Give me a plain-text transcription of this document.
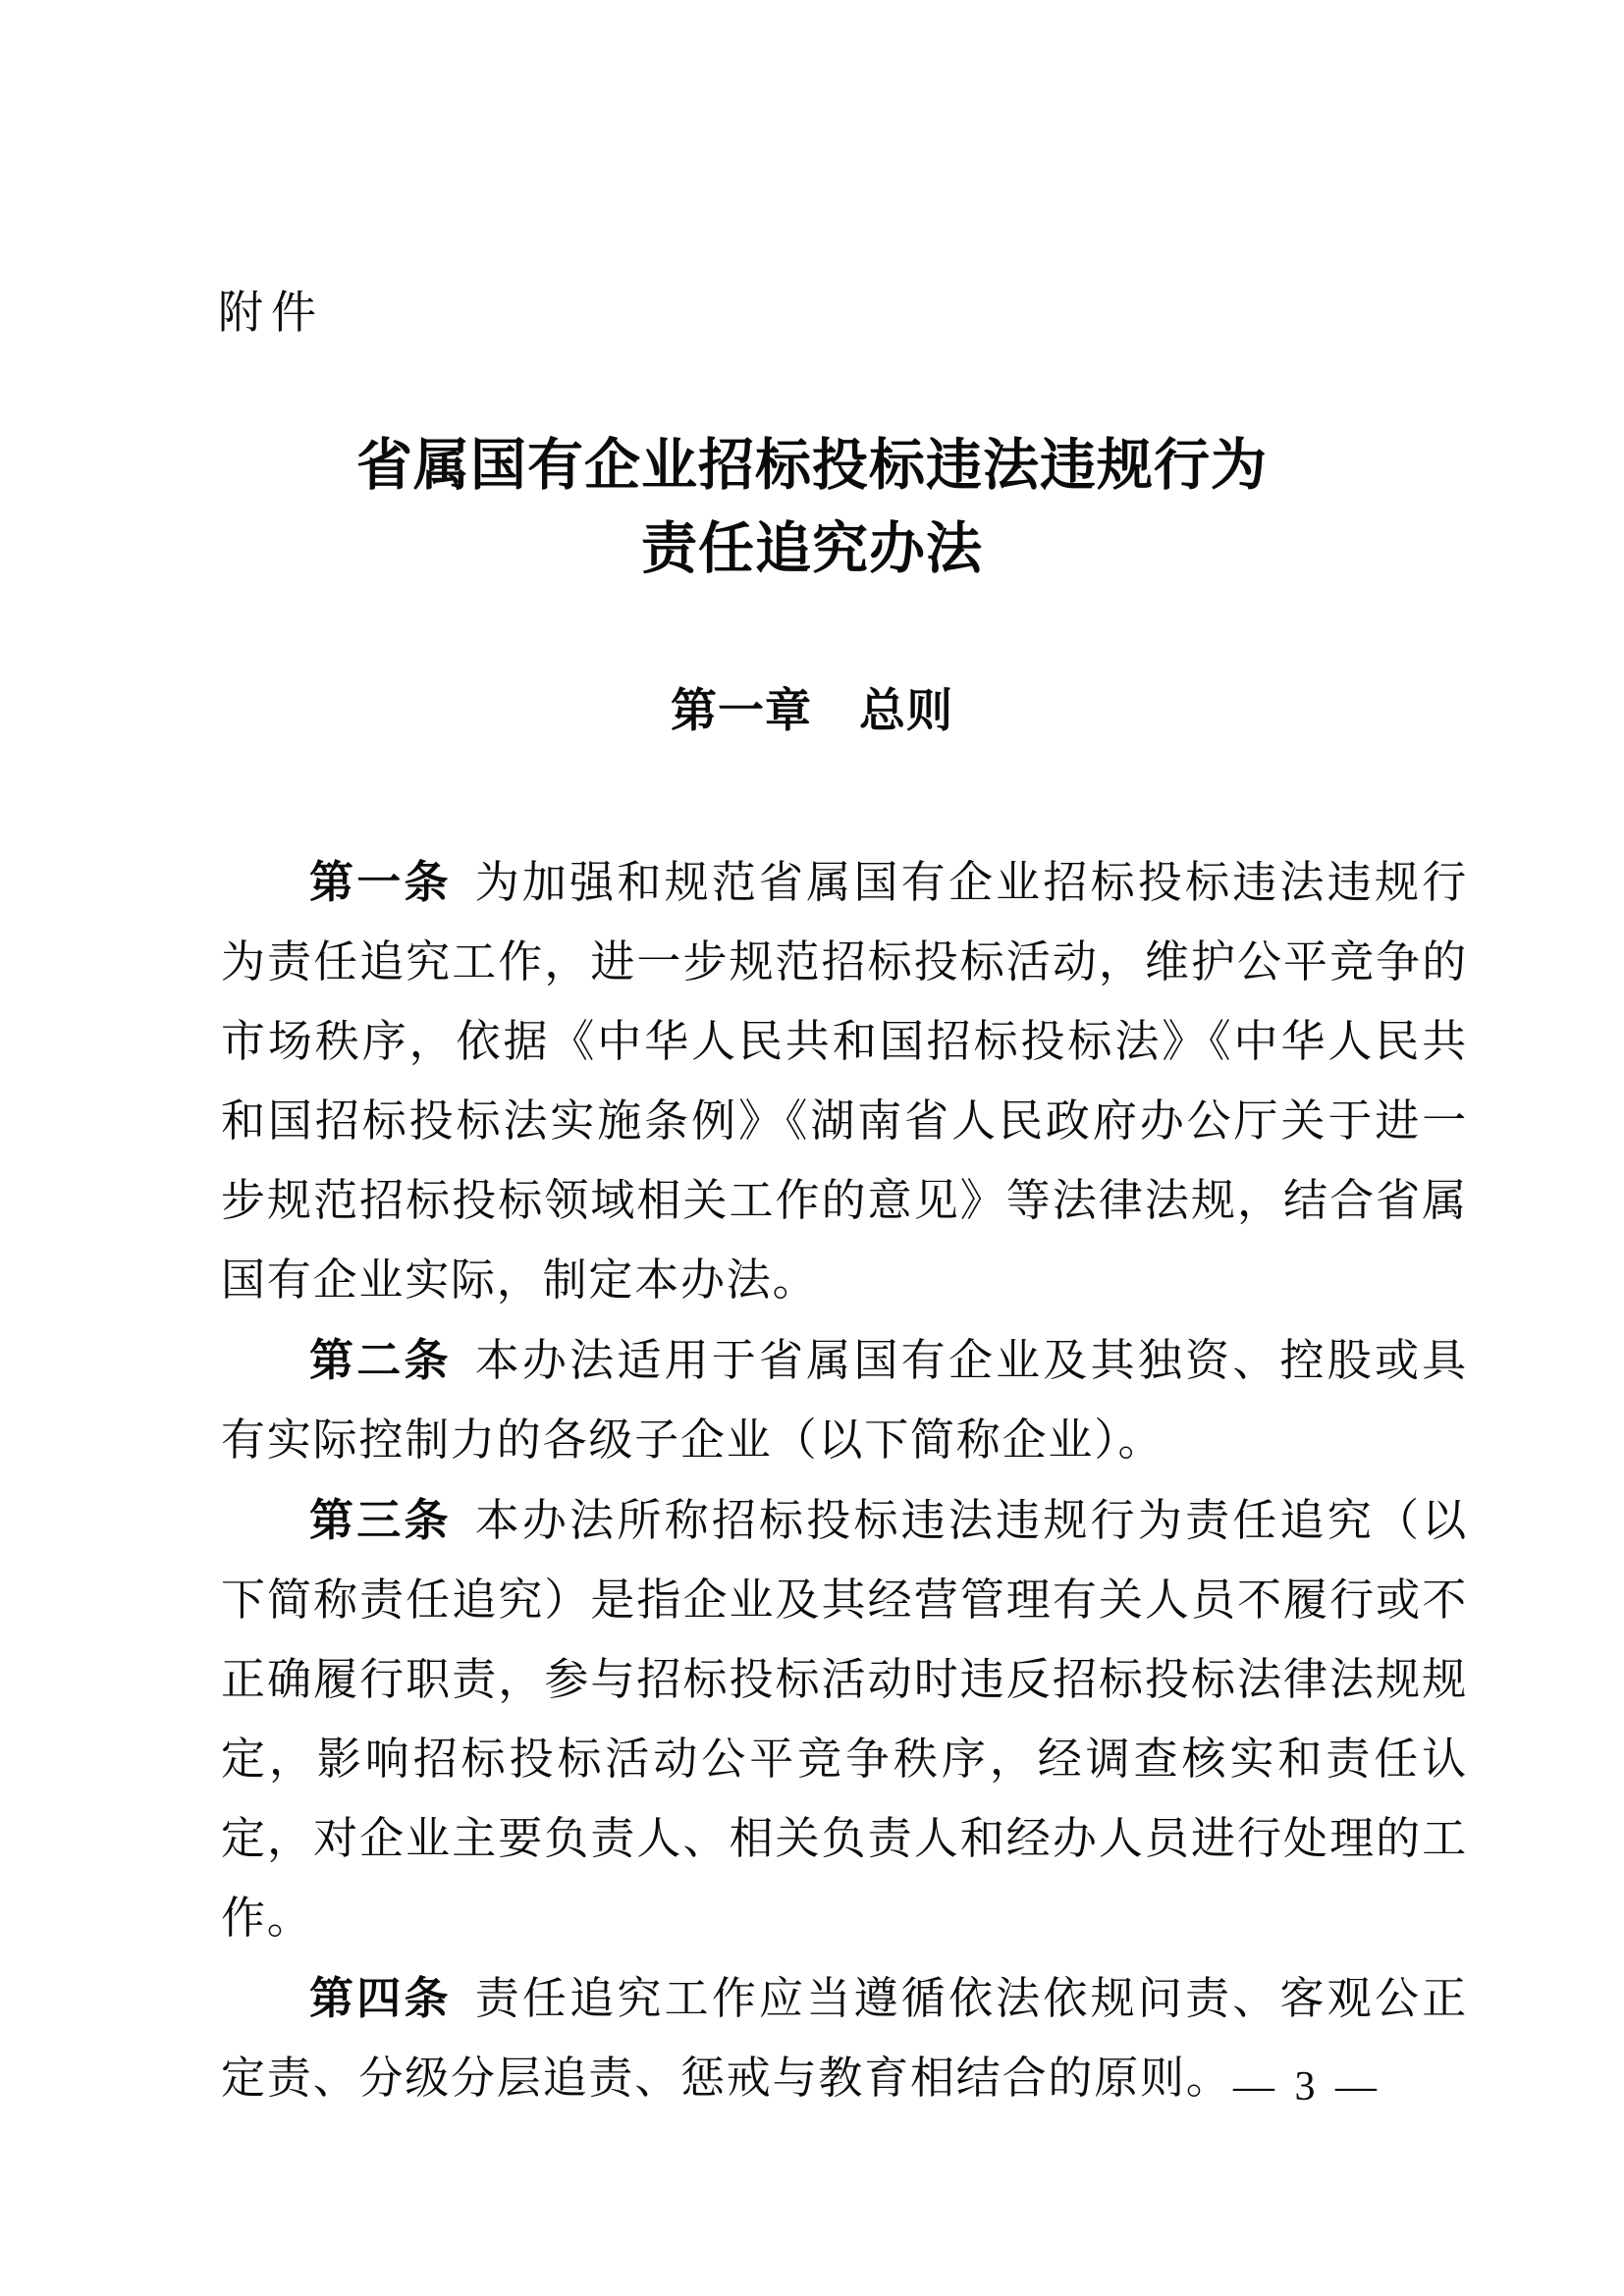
附件
省属国有企业招标投标违法违规行为
责任追究办法
第一章　总则

第一条 为加强和规范省属国有企业招标投标违法违规行为责任追究工作，进一步规范招标投标活动，维护公平竞争的市场秩序，依据《中华人民共和国招标投标法》《中华人民共和国招标投标法实施条例》《湖南省人民政府办公厅关于进一步规范招标投标领域相关工作的意见》等法律法规，结合省属国有企业实际，制定本办法。

第二条 本办法适用于省属国有企业及其独资、控股或具有实际控制力的各级子企业（以下简称企业）。

第三条 本办法所称招标投标违法违规行为责任追究（以下简称责任追究）是指企业及其经营管理有关人员不履行或不正确履行职责，参与招标投标活动时违反招标投标法律法规规定，影响招标投标活动公平竞争秩序，经调查核实和责任认定，对企业主要负责人、相关负责人和经办人员进行处理的工作。

第四条 责任追究工作应当遵循依法依规问责、客观公正定责、分级分层追责、惩戒与教育相结合的原则。 — 3 —
